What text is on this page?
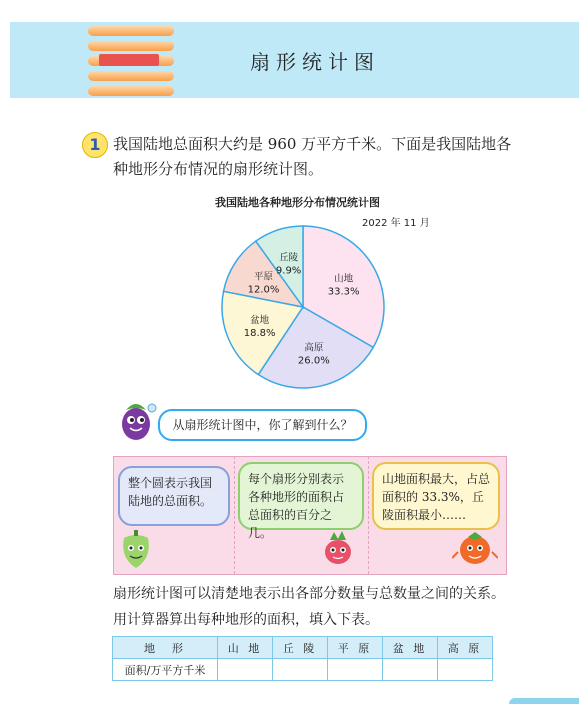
扇形统计图
1 我国陆地总面积大约是 960 万平方千米。下面是我国陆地各种地形分布情况的扇形统计图。
我国陆地各种地形分布情况统计图
2022 年 11 月
山地
33.3%
高原
26.0%
盆地
18.8%
平原
12.0%
丘陵
9.9%
从扇形统计图中，你了解到什么？
整个圆表示我国陆地的总面积。
每个扇形分别表示各种地形的面积占总面积的百分之几。
山地面积最大，占总面积的 33.3%，丘陵面积最小……
扇形统计图可以清楚地表示出各部分数量与总数量之间的关系。
用计算器算出每种地形的面积，填入下表。
地　形	山 地	丘 陵	平 原	盆 地	高 原
面积/万平方千米					
